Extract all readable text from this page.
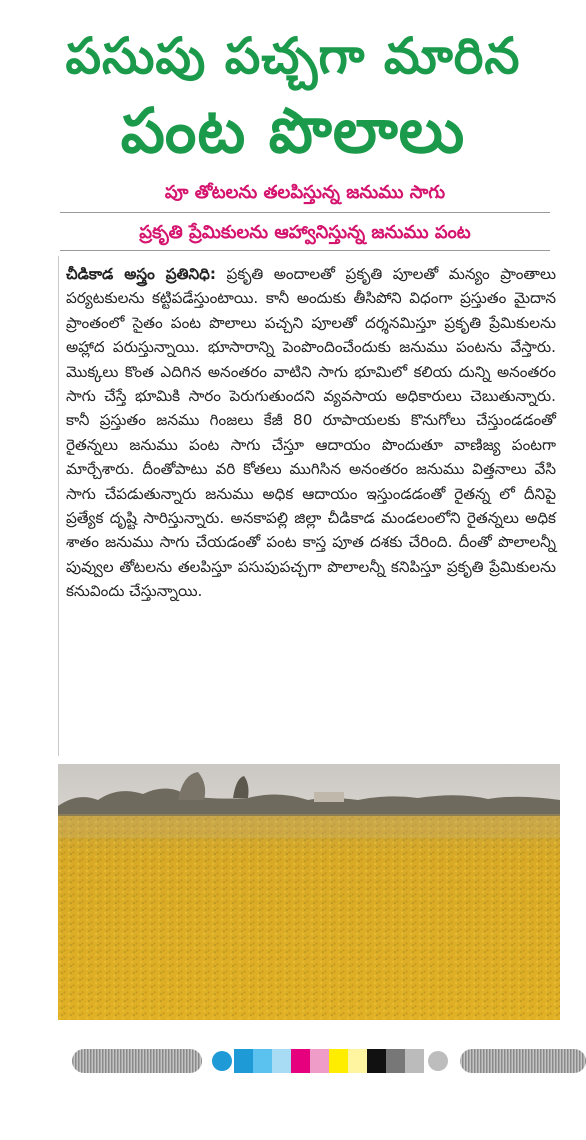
పసుపు పచ్చగా మారిన
పంట పొలాలు
పూ తోటలను తలపిస్తున్న జనుము సాగు
ప్రకృతి ప్రేమికులను ఆహ్వానిస్తున్న జనుము పంట
చీడికాడ అస్త్రం ప్రతినిధి: ప్రకృతి అందాలతో ప్రకృతి పూలతో మన్యం ప్రాంతాలు పర్యటకులను కట్టిపడేస్తుంటాయి. కానీ అందుకు తీసిపోని విధంగా ప్రస్తుతం మైదాన ప్రాంతంలో సైతం పంట పొలాలు పచ్చని పూలతో దర్శనమిస్తూ ప్రకృతి ప్రేమికులను అహ్లాద పరుస్తున్నాయి. భూసారాన్ని పెంపొందించేందుకు జనుము పంటను వేస్తారు. మొక్కలు కొంత ఎదిగిన అనంతరం వాటిని సాగు భూమిలో కలియ దున్ని అనంతరం సాగు చేస్తే భూమికి సారం పెరుగుతుందని వ్యవసాయ అధికారులు చెబుతున్నారు. కానీ ప్రస్తుతం జనము గింజలు కేజీ 80 రూపాయలకు కొనుగోలు చేస్తుండడంతో రైతన్నలు జనుము పంట సాగు చేస్తూ ఆదాయం పొందుతూ వాణిజ్య పంటగా మార్చేశారు. దీంతోపాటు వరి కోతలు ముగిసిన అనంతరం జనుము విత్తనాలు వేసి సాగు చేపడుతున్నారు జనుము అధిక ఆదాయం ఇస్తుండడంతో రైతన్న లో దీనిపై ప్రత్యేక దృష్టి సారిస్తున్నారు. అనకాపల్లి జిల్లా చీడికాడ మండలంలోని రైతన్నలు అధిక శాతం జనుము సాగు చేయడంతో పంట కాస్త పూత దశకు చేరింది. దీంతో పొలాలన్నీ పువ్వుల తోటలను తలపిస్తూ పసుపుపచ్చగా పొలాలన్నీ కనిపిస్తూ ప్రకృతి ప్రేమికులను కనువిందు చేస్తున్నాయి.
